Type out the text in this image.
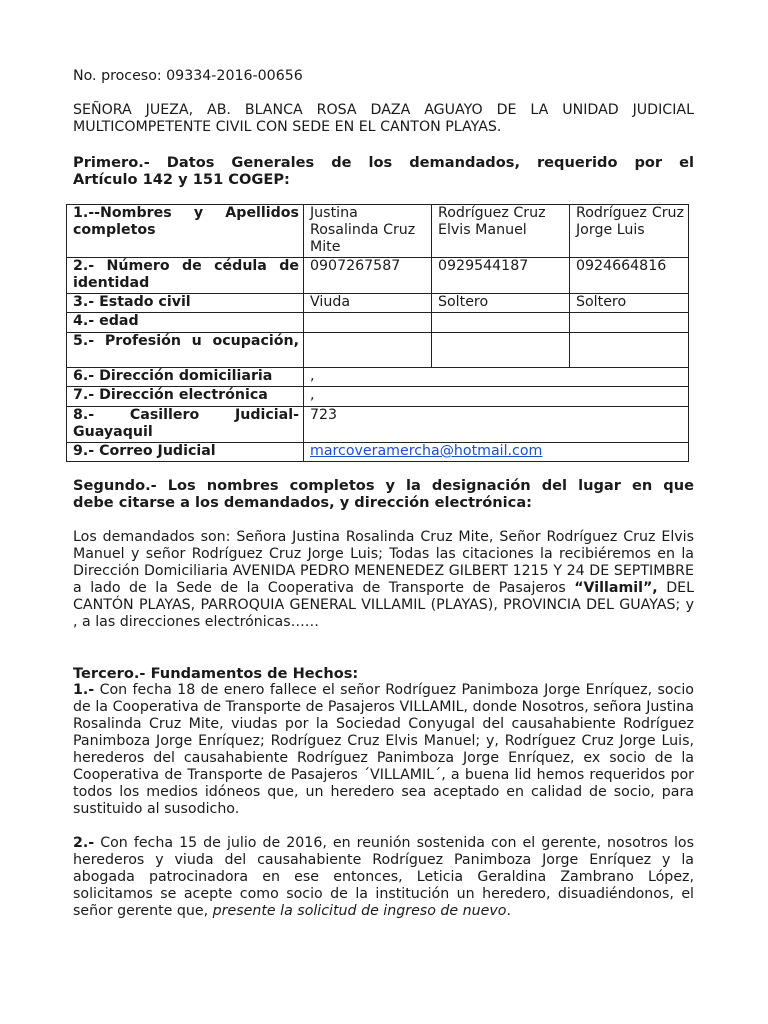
No. proceso: 09334-2016-00656
SEÑORA JUEZA, AB. BLANCA ROSA DAZA AGUAYO DE LA UNIDAD JUDICIAL
MULTICOMPETENTE CIVIL CON SEDE EN EL CANTON PLAYAS.
Primero.- Datos Generales de los demandados, requerido por el
Artículo 142 y 151 COGEP:
1.--Nombres y Apellidos completos	Justina Rosalinda Cruz Mite	Rodríguez Cruz Elvis Manuel	Rodríguez Cruz Jorge Luis
2.- Número de cédula de identidad	0907267587	0929544187	0924664816
3.- Estado civil	Viuda	Soltero	Soltero
4.- edad			
5.- Profesión u ocupación,			
6.- Dirección domiciliaria	,		
7.- Dirección electrónica	,		
8.- Casillero Judicial-Guayaquil	723		
9.- Correo Judicial	marcoveramercha@hotmail.com		
Segundo.- Los nombres completos y la designación del lugar en que
debe citarse a los demandados, y dirección electrónica:
Los demandados son: Señora Justina Rosalinda Cruz Mite, Señor Rodríguez Cruz Elvis Manuel y señor Rodríguez Cruz Jorge Luis; Todas las citaciones la recibiéremos en la Dirección Domiciliaria AVENIDA PEDRO MENENEDEZ GILBERT 1215 Y 24 DE SEPTIMBRE a lado de la Sede de la Cooperativa de Transporte de Pasajeros “Villamil”, DEL CANTÓN PLAYAS, PARROQUIA GENERAL VILLAMIL (PLAYAS), PROVINCIA DEL GUAYAS; y , a las direcciones electrónicas……
Tercero.- Fundamentos de Hechos:
1.- Con fecha 18 de enero fallece el señor Rodríguez Panimboza Jorge Enríquez, socio de la Cooperativa de Transporte de Pasajeros VILLAMIL, donde Nosotros, señora Justina Rosalinda Cruz Mite, viudas por la Sociedad Conyugal del causahabiente Rodríguez Panimboza Jorge Enríquez; Rodríguez Cruz Elvis Manuel; y, Rodríguez Cruz Jorge Luis, herederos del causahabiente Rodríguez Panimboza Jorge Enríquez, ex socio de la Cooperativa de Transporte de Pasajeros ´VILLAMIL´, a buena lid hemos requeridos por todos los medios idóneos que, un heredero sea aceptado en calidad de socio, para sustituido al susodicho.
2.- Con fecha 15 de julio de 2016, en reunión sostenida con el gerente, nosotros los herederos y viuda del causahabiente Rodríguez Panimboza Jorge Enríquez y la abogada patrocinadora en ese entonces, Leticia Geraldina Zambrano López, solicitamos se acepte como socio de la institución un heredero, disuadiéndonos, el señor gerente que, presente la solicitud de ingreso de nuevo.
